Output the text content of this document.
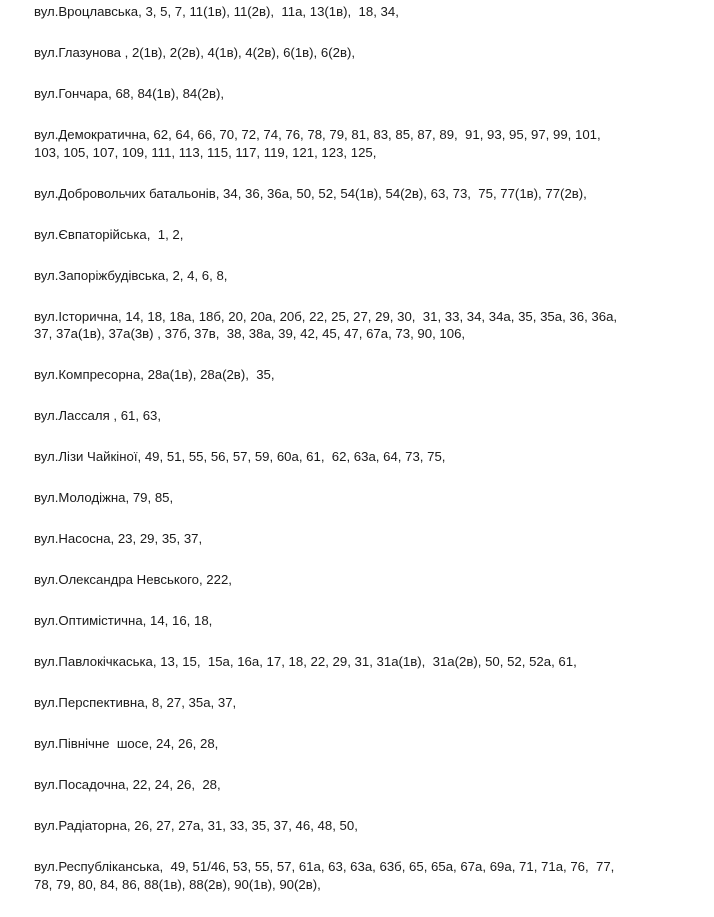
вул.Вроцлавська, 3, 5, 7, 11(1в), 11(2в),  11а, 13(1в),  18, 34,
вул.Глазунова , 2(1в), 2(2в), 4(1в), 4(2в), 6(1в), 6(2в),
вул.Гончара, 68, 84(1в), 84(2в),
вул.Демократична, 62, 64, 66, 70, 72, 74, 76, 78, 79, 81, 83, 85, 87, 89,  91, 93, 95, 97, 99, 101,
103, 105, 107, 109, 111, 113, 115, 117, 119, 121, 123, 125,
вул.Добровольчих батальонів, 34, 36, 36а, 50, 52, 54(1в), 54(2в), 63, 73,  75, 77(1в), 77(2в),
вул.Євпаторійська,  1, 2,
вул.Запоріжбудівська, 2, 4, 6, 8,
вул.Історична, 14, 18, 18а, 18б, 20, 20а, 20б, 22, 25, 27, 29, 30,  31, 33, 34, 34а, 35, 35а, 36, 36а,
37, 37а(1в), 37а(3в) , 37б, 37в,  38, 38а, 39, 42, 45, 47, 67а, 73, 90, 106,
вул.Компресорна, 28а(1в), 28а(2в),  35,
вул.Лассаля , 61, 63,
вул.Лізи Чайкіної, 49, 51, 55, 56, 57, 59, 60а, 61,  62, 63а, 64, 73, 75,
вул.Молодіжна, 79, 85,
вул.Насосна, 23, 29, 35, 37,
вул.Олександра Невського, 222,
вул.Оптимістична, 14, 16, 18,
вул.Павлокічкаська, 13, 15,  15а, 16а, 17, 18, 22, 29, 31, 31а(1в),  31а(2в), 50, 52, 52а, 61,
вул.Перспективна, 8, 27, 35а, 37,
вул.Північне  шосе, 24, 26, 28,
вул.Посадочна, 22, 24, 26,  28,
вул.Радіаторна, 26, 27, 27а, 31, 33, 35, 37, 46, 48, 50,
вул.Республіканська,  49, 51/46, 53, 55, 57, 61а, 63, 63а, 63б, 65, 65а, 67а, 69а, 71, 71а, 76,  77,
78, 79, 80, 84, 86, 88(1в), 88(2в), 90(1в), 90(2в),
